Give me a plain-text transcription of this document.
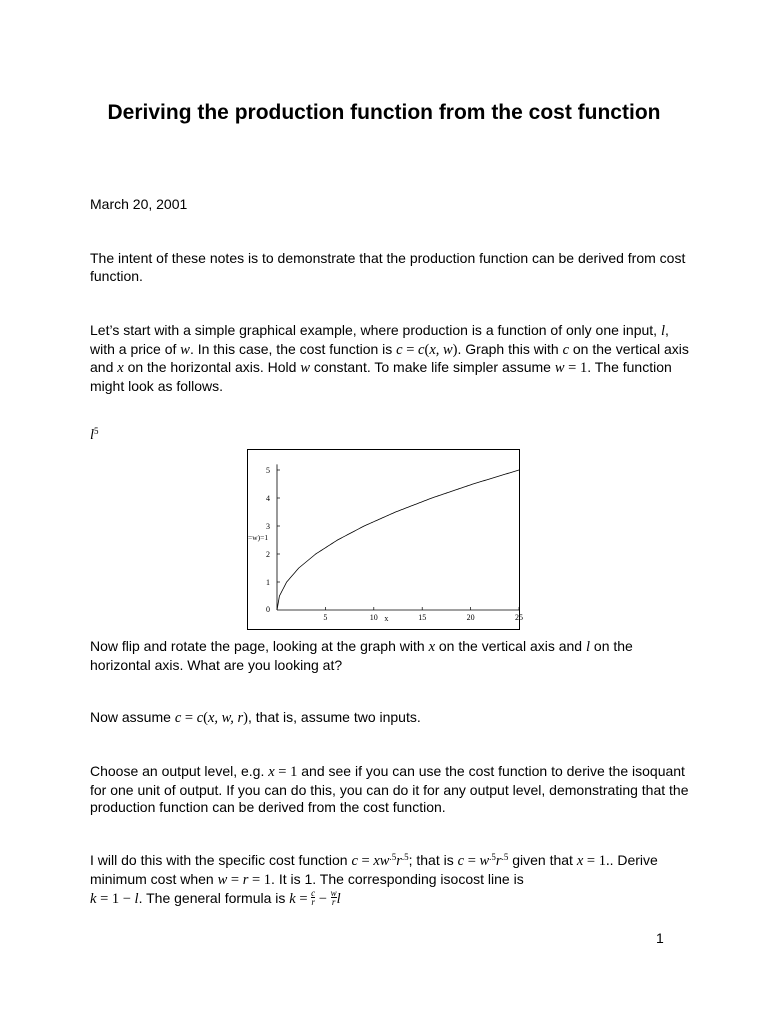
Deriving the production function from the cost function
March 20, 2001
The intent of these notes is to demonstrate that the production function can be derived from cost function.
Let’s start with a simple graphical example, where production is a function of only one input, l, with a price of w. In this case, the cost function is c = c(x, w). Graph this with c on the vertical axis and x on the horizontal axis. Hold w constant. To make life simpler assume w = 1. The function might look as follows.
$l^5$
5	10	15	20	25
0
1
2
3
4
5
x
=w)=1
Now flip and rotate the page, looking at the graph with x on the vertical axis and l on the horizontal axis. What are you looking at?
Now assume c = c(x, w, r), that is, assume two inputs.
Choose an output level, e.g. x = 1 and see if you can use the cost function to derive the isoquant for one unit of output. If you can do this, you can do it for any output level, demonstrating that the production function can be derived from the cost function.
I will do this with the specific cost function $c = xw^{.5}r^{.5}$; that is $c = w^{.5}r^{.5}$ given that x = 1.. Derive minimum cost when w = r = 1. It is 1. The corresponding isocost line is
k = 1 − l. The general formula is $k = \frac{c}{r} - \frac{w}{r}$ l
1
